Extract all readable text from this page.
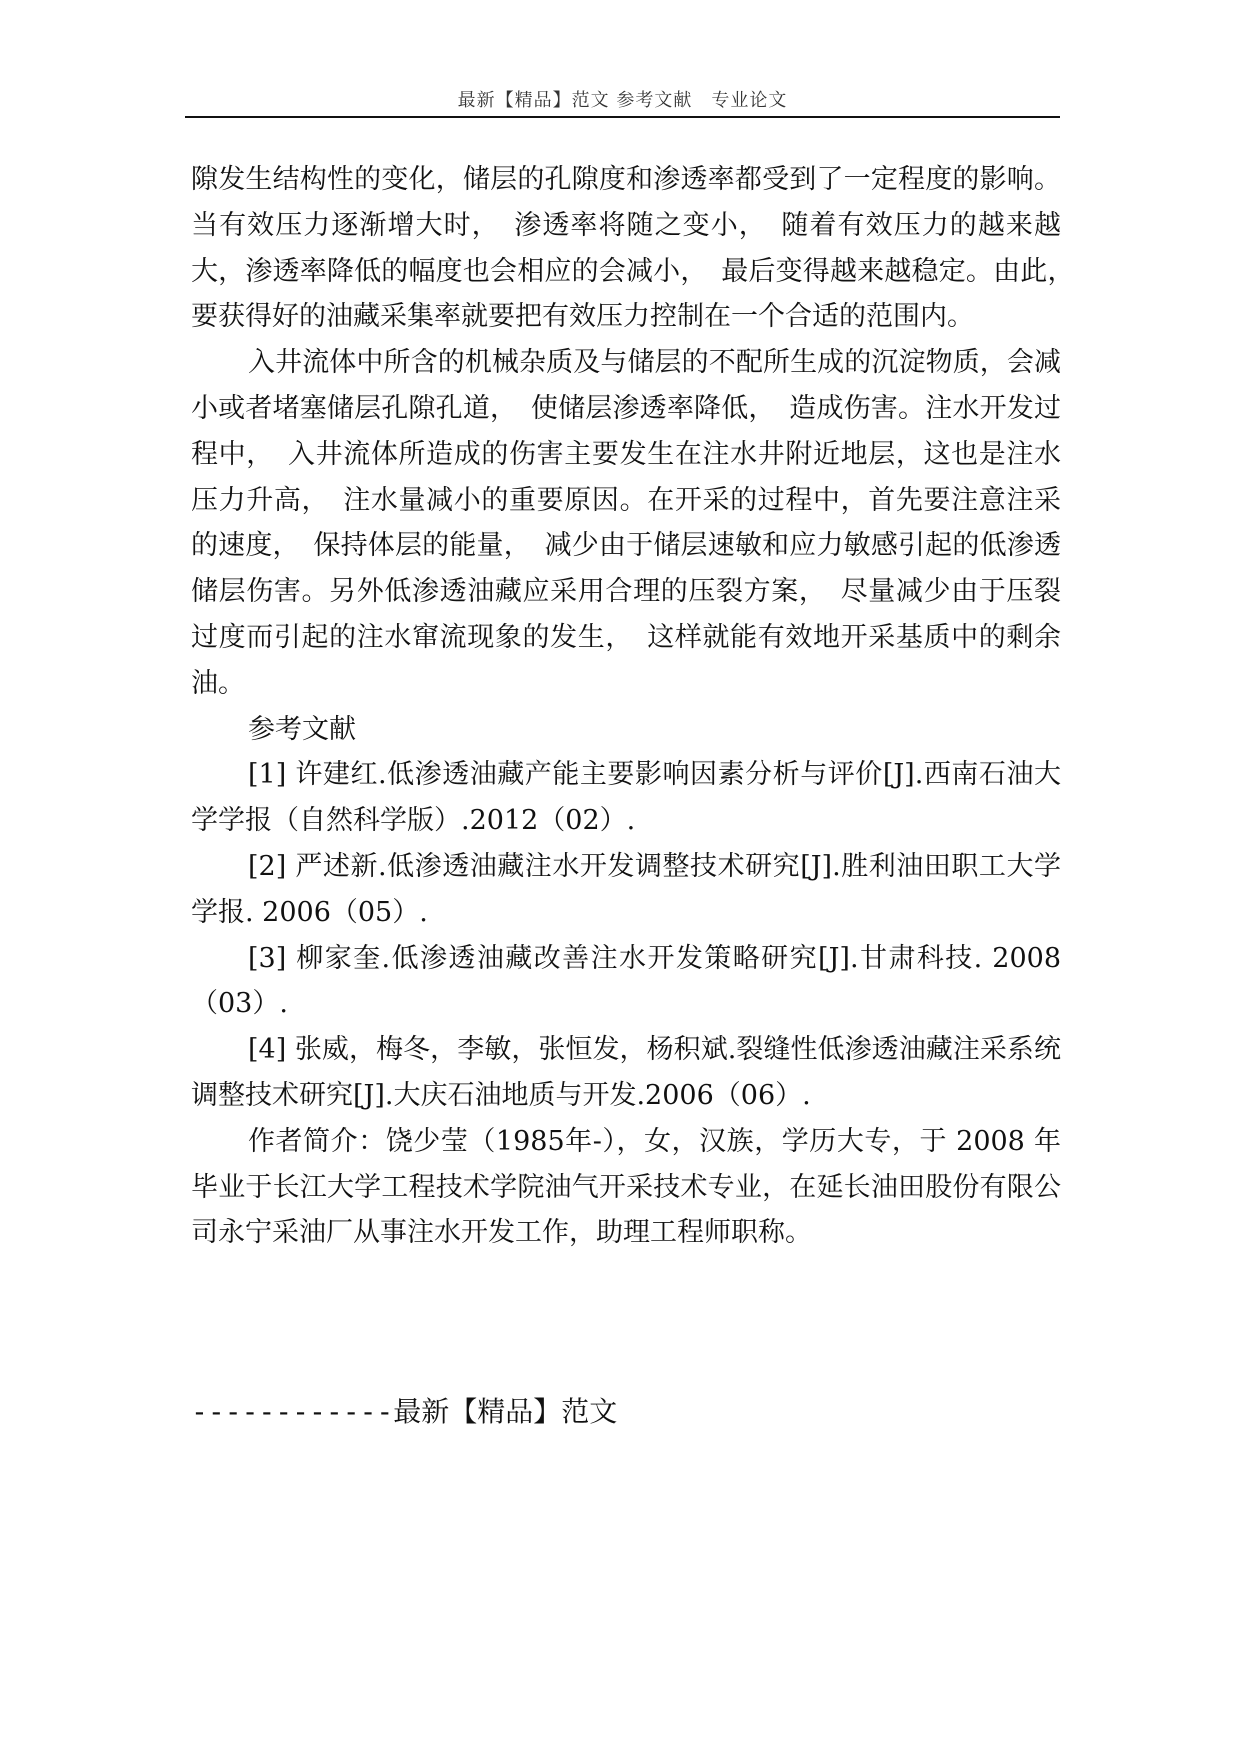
最新【精品】范文 参考文献　专业论文

隙发生结构性的变化，储层的孔隙度和渗透率都受到了一定程度的影响。当有效压力逐渐增大时，　渗透率将随之变小，　随着有效压力的越来越大，渗透率降低的幅度也会相应的会减小，　最后变得越来越稳定。由此，　要获得好的油藏采集率就要把有效压力控制在一个合适的范围内。

入井流体中所含的机械杂质及与储层的不配所生成的沉淀物质，会减小或者堵塞储层孔隙孔道，　使储层渗透率降低，　造成伤害。注水开发过程中，　入井流体所造成的伤害主要发生在注水井附近地层，这也是注水压力升高，　注水量减小的重要原因。在开采的过程中，首先要注意注采的速度，　保持体层的能量，　减少由于储层速敏和应力敏感引起的低渗透储层伤害。另外低渗透油藏应采用合理的压裂方案，　尽量减少由于压裂过度而引起的注水窜流现象的发生，　这样就能有效地开采基质中的剩余油。

参考文献

[1] 许建红.低渗透油藏产能主要影响因素分析与评价[J].西南石油大学学报（自然科学版）.2012（02）.

[2] 严述新.低渗透油藏注水开发调整技术研究[J].胜利油田职工大学学报. 2006（05）.

[3] 柳家奎.低渗透油藏改善注水开发策略研究[J].甘肃科技. 2008（03）.

[4] 张威，梅冬，李敏，张恒发，杨积斌.裂缝性低渗透油藏注采系统调整技术研究[J].大庆石油地质与开发.2006（06）.

作者简介：饶少莹（1985年-），女，汉族，学历大专，于 2008 年毕业于长江大学工程技术学院油气开采技术专业，在延长油田股份有限公司永宁采油厂从事注水开发工作，助理工程师职称。

------------最新【精品】范文
